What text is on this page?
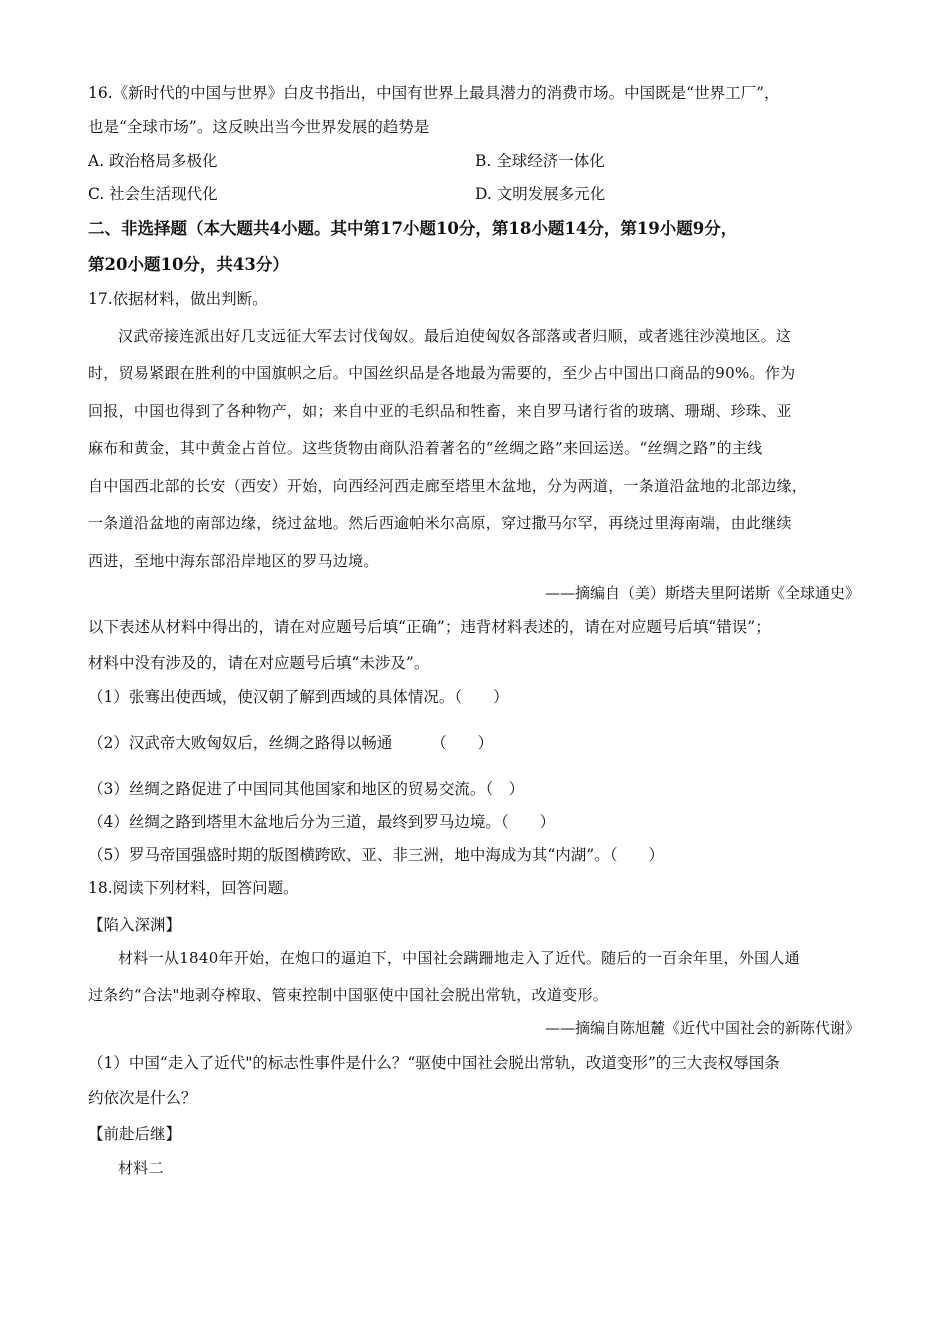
16.《新时代的中国与世界》白皮书指出，中国有世界上最具潜力的消费市场。中国既是“世界工厂”，
也是“全球市场”。这反映出当今世界发展的趋势是
A. 政治格局多极化	B. 全球经济一体化
C. 社会生活现代化	D. 文明发展多元化
二、非选择题（本大题共4小题。其中第17小题10分，第18小题14分，第19小题9分，
第20小题10分，共43分）
17.依据材料，做出判断。
汉武帝接连派出好几支远征大军去讨伐匈奴。最后迫使匈奴各部落或者归顺，或者逃往沙漠地区。这
时，贸易紧跟在胜利的中国旗帜之后。中国丝织品是各地最为需要的，至少占中国出口商品的90%。作为
回报，中国也得到了各种物产，如；来自中亚的毛织品和牲畜，来自罗马诸行省的玻璃、珊瑚、珍珠、亚
麻布和黄金，其中黄金占首位。这些货物由商队沿着著名的“丝绸之路”来回运送。“丝绸之路”的主线
自中国西北部的长安（西安）开始，向西经河西走廊至塔里木盆地，分为两道，一条道沿盆地的北部边缘，
一条道沿盆地的南部边缘，绕过盆地。然后西逾帕米尔高原，穿过撒马尔罕，再绕过里海南端，由此继续
西进，至地中海东部沿岸地区的罗马边境。
——摘编自（美）斯塔夫里阿诺斯《全球通史》
以下表述从材料中得出的，请在对应题号后填“正确”；违背材料表述的，请在对应题号后填“错误”；
材料中没有涉及的，请在对应题号后填“未涉及”。
（1）张骞出使西域，使汉朝了解到西域的具体情况。（　　）
（2）汉武帝大败匈奴后，丝绸之路得以畅通　　　（　　）
（3）丝绸之路促进了中国同其他国家和地区的贸易交流。（　）
（4）丝绸之路到塔里木盆地后分为三道，最终到罗马边境。（　　）
（5）罗马帝国强盛时期的版图横跨欧、亚、非三洲，地中海成为其“内湖”。（　　）
18.阅读下列材料，回答问题。
【陷入深渊】
材料一从1840年开始，在炮口的逼迫下，中国社会蹒跚地走入了近代。随后的一百余年里，外国人通
过条约“合法"地剥夺榨取、管束控制中国驱使中国社会脱出常轨，改道变形。
——摘编自陈旭麓《近代中国社会的新陈代谢》
（1）中国“走入了近代"的标志性事件是什么？“驱使中国社会脱出常轨，改道变形”的三大丧权辱国条
约依次是什么？
【前赴后继】
材料二
